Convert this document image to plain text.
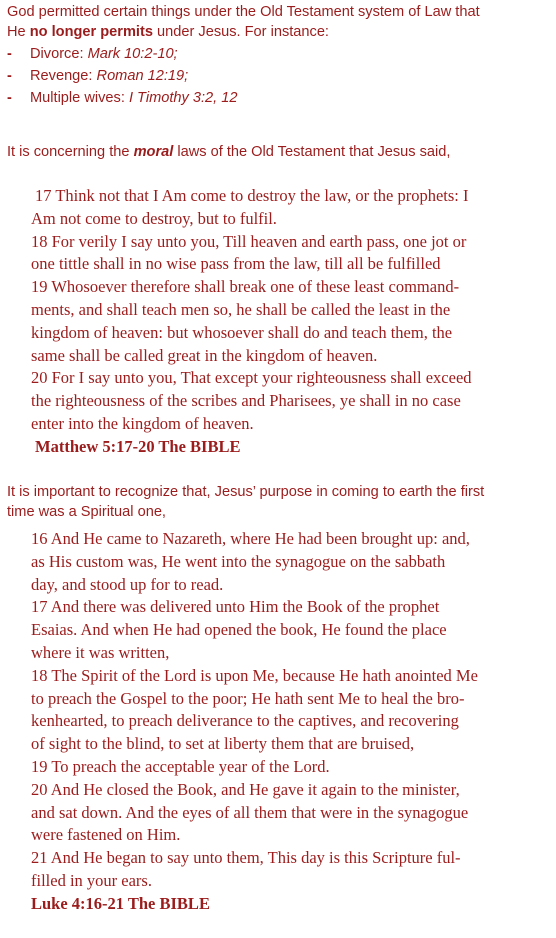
God permitted certain things under the Old Testament system of Law that

He no longer permits under Jesus. For instance:

- Divorce: Mark 10:2-10;
- Revenge: Roman 12:19;
- Multiple wives: I Timothy 3:2, 12
It is concerning the moral laws of the Old Testament that Jesus said,
17 Think not that I Am come to destroy the law, or the prophets: I
Am not come to destroy, but to fulfil.
18 For verily I say unto you, Till heaven and earth pass, one jot or
one tittle shall in no wise pass from the law, till all be fulfilled
19 Whosoever therefore shall break one of these least command-
ments, and shall teach men so, he shall be called the least in the
kingdom of heaven: but whosoever shall do and teach them, the
same shall be called great in the kingdom of heaven.
20 For I say unto you, That except your righteousness shall exceed
the righteousness of the scribes and Pharisees, ye shall in no case
enter into the kingdom of heaven.
Matthew 5:17-20 The BIBLE
It is important to recognize that, Jesus’ purpose in coming to earth the first
time was a Spiritual one,
16 And He came to Nazareth, where He had been brought up: and,
as His custom was, He went into the synagogue on the sabbath
day, and stood up for to read.
17 And there was delivered unto Him the Book of the prophet
Esaias. And when He had opened the book, He found the place
where it was written,
18 The Spirit of the Lord is upon Me, because He hath anointed Me
to preach the Gospel to the poor; He hath sent Me to heal the bro-
kenhearted, to preach deliverance to the captives, and recovering
of sight to the blind, to set at liberty them that are bruised,
19 To preach the acceptable year of the Lord.
20 And He closed the Book, and He gave it again to the minister,
and sat down. And the eyes of all them that were in the synagogue
were fastened on Him.
21 And He began to say unto them, This day is this Scripture ful-
filled in your ears.
Luke 4:16-21 The BIBLE
